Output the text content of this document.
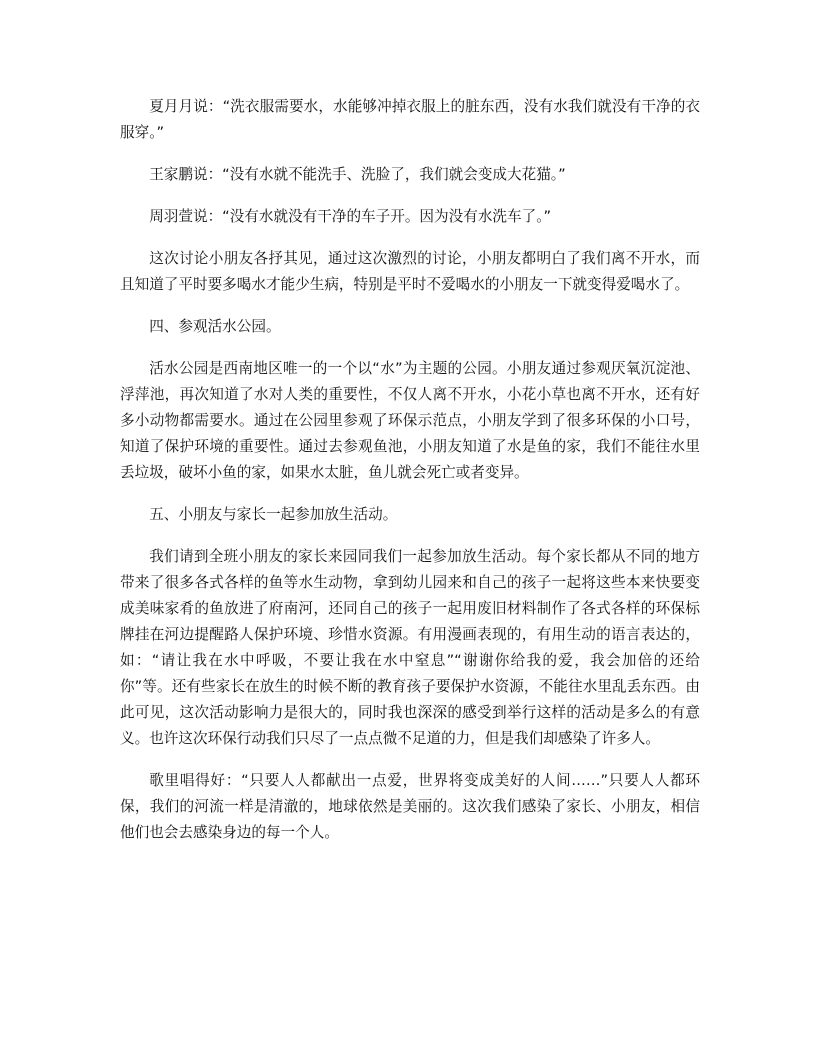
夏月月说：“洗衣服需要水，水能够冲掉衣服上的脏东西，没有水我们就没有干净的衣服穿。”

王家鹏说：“没有水就不能洗手、洗脸了，我们就会变成大花猫。”

周羽萱说：“没有水就没有干净的车子开。因为没有水洗车了。”

这次讨论小朋友各抒其见，通过这次激烈的讨论，小朋友都明白了我们离不开水，而且知道了平时要多喝水才能少生病，特别是平时不爱喝水的小朋友一下就变得爱喝水了。

四、参观活水公园。

活水公园是西南地区唯一的一个以“水”为主题的公园。小朋友通过参观厌氧沉淀池、浮萍池，再次知道了水对人类的重要性，不仅人离不开水，小花小草也离不开水，还有好多小动物都需要水。通过在公园里参观了环保示范点，小朋友学到了很多环保的小口号，知道了保护环境的重要性。通过去参观鱼池，小朋友知道了水是鱼的家，我们不能往水里丢垃圾，破坏小鱼的家，如果水太脏，鱼儿就会死亡或者变异。

五、小朋友与家长一起参加放生活动。

我们请到全班小朋友的家长来园同我们一起参加放生活动。每个家长都从不同的地方带来了很多各式各样的鱼等水生动物，拿到幼儿园来和自己的孩子一起将这些本来快要变成美味家肴的鱼放进了府南河，还同自己的孩子一起用废旧材料制作了各式各样的环保标牌挂在河边提醒路人保护环境、珍惜水资源。有用漫画表现的，有用生动的语言表达的，如：“请让我在水中呼吸，不要让我在水中窒息”“谢谢你给我的爱，我会加倍的还给你”等。还有些家长在放生的时候不断的教育孩子要保护水资源，不能往水里乱丢东西。由此可见，这次活动影响力是很大的，同时我也深深的感受到举行这样的活动是多么的有意义。也许这次环保行动我们只尽了一点点微不足道的力，但是我们却感染了许多人。

歌里唱得好：“只要人人都献出一点爱，世界将变成美好的人间……”只要人人都环保，我们的河流一样是清澈的，地球依然是美丽的。这次我们感染了家长、小朋友，相信他们也会去感染身边的每一个人。
